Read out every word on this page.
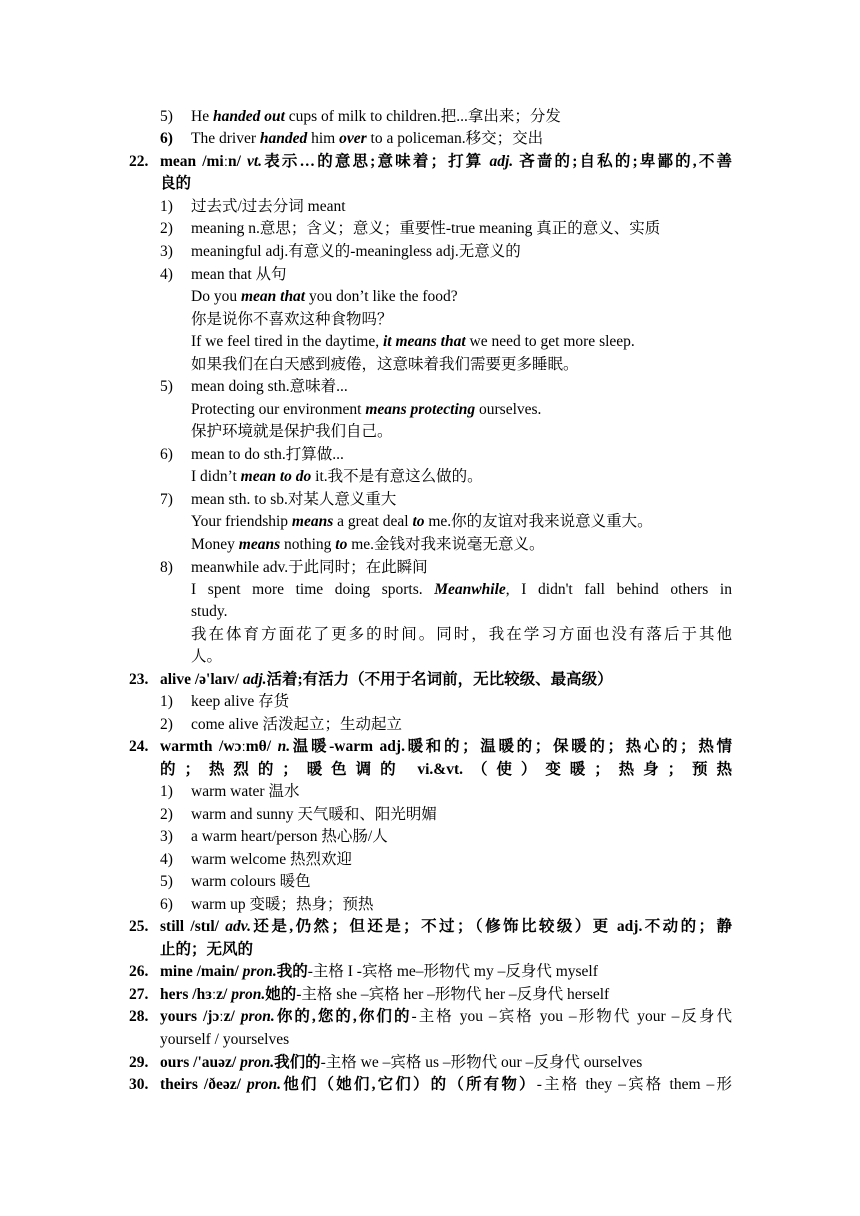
5) He handed out cups of milk to children.把...拿出来；分发
6) The driver handed him over to a policeman.移交；交出
22. mean /miːn/ vt.表示…的意思;意味着；打算 adj. 吝啬的;自私的;卑鄙的,不善
良的
1) 过去式/过去分词 meant
2) meaning n.意思；含义；意义；重要性-true meaning 真正的意义、实质
3) meaningful adj.有意义的-meaningless adj.无意义的
4) mean that 从句
Do you mean that you don’t like the food?
你是说你不喜欢这种食物吗？
If we feel tired in the daytime, it means that we need to get more sleep.
如果我们在白天感到疲倦，这意味着我们需要更多睡眠。
5) mean doing sth.意味着...
Protecting our environment means protecting ourselves.
保护环境就是保护我们自己。
6) mean to do sth.打算做...
I didn’t mean to do it.我不是有意这么做的。
7) mean sth. to sb.对某人意义重大
Your friendship means a great deal to me.你的友谊对我来说意义重大。
Money means nothing to me.金钱对我来说毫无意义。
8) meanwhile adv.于此同时；在此瞬间
I spent more time doing sports. Meanwhile, I didn't fall behind others in
study.
我在体育方面花了更多的时间。同时，我在学习方面也没有落后于其他
人。
23. alive /ə'laɪv/ adj.活着;有活力（不用于名词前，无比较级、最高级）
1) keep alive 存货
2) come alive 活泼起立；生动起立
24. warmth /wɔːmθ/ n.温暖-warm adj.暖和的；温暖的；保暖的；热心的；热情
的；热烈的；暖色调的 vi.&vt.（使）变暖；热身；预热
1) warm water 温水
2) warm and sunny 天气暖和、阳光明媚
3) a warm heart/person 热心肠/人
4) warm welcome 热烈欢迎
5) warm colours 暖色
6) warm up 变暖；热身；预热
25. still /stɪl/ adv.还是,仍然；但还是；不过；（修饰比较级）更 adj.不动的；静
止的；无风的
26. mine /main/ pron.我的-主格 I -宾格 me–形物代 my –反身代 myself
27. hers /hɜːz/ pron.她的-主格 she –宾格 her –形物代 her –反身代 herself
28. yours /jɔːz/ pron.你的,您的,你们的-主格 you –宾格 you –形物代 your –反身代
yourself / yourselves
29. ours /'auəz/ pron.我们的-主格 we –宾格 us –形物代 our –反身代 ourselves
30. theirs /ðeəz/ pron.他们（她们,它们）的（所有物）-主格 they –宾格 them –形
